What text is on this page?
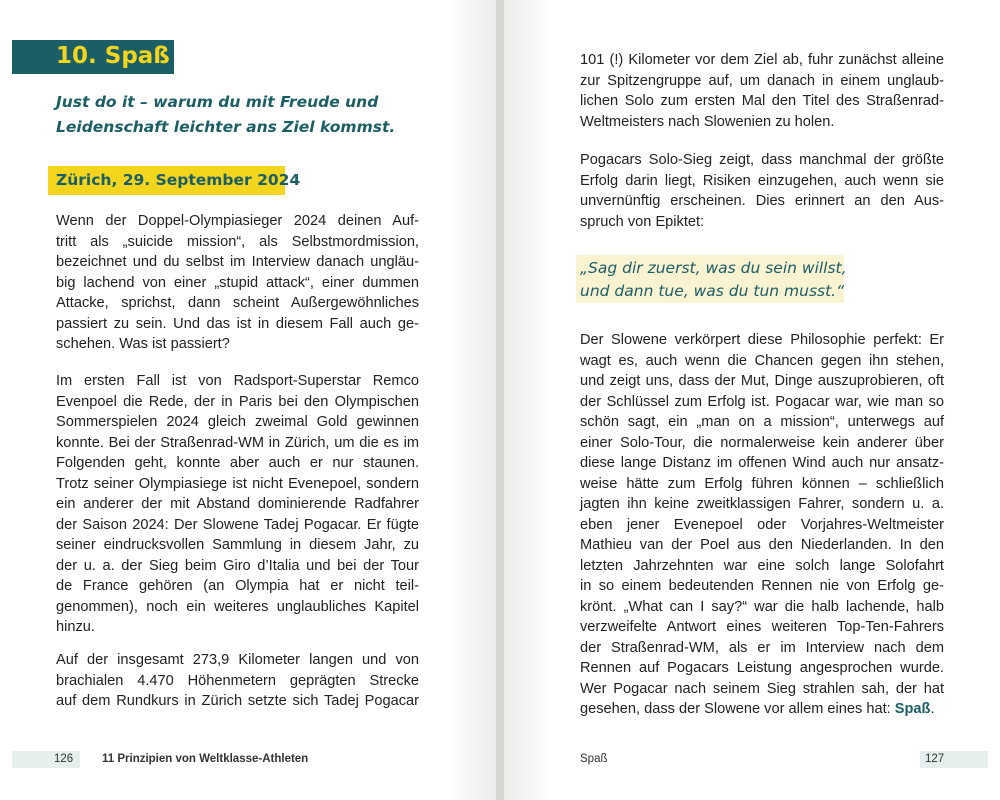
10. Spaß
Just do it – warum du mit Freude und
Leidenschaft leichter ans Ziel kommst.
Zürich, 29. September 2024
Wenn der Doppel-Olympiasieger 2024 deinen Auf-
tritt als „suicide mission“, als Selbstmordmission,
bezeichnet und du selbst im Interview danach ungläu-
big lachend von einer „stupid attack“, einer dummen
Attacke, sprichst, dann scheint Außergewöhnliches
passiert zu sein. Und das ist in diesem Fall auch ge-
schehen. Was ist passiert?
Im ersten Fall ist von Radsport-Superstar Remco
Evenpoel die Rede, der in Paris bei den Olympischen
Sommerspielen 2024 gleich zweimal Gold gewinnen
konnte. Bei der Straßenrad-WM in Zürich, um die es im
Folgenden geht, konnte aber auch er nur staunen.
Trotz seiner Olympiasiege ist nicht Evenepoel, sondern
ein anderer der mit Abstand dominierende Radfahrer
der Saison 2024: Der Slowene Tadej Pogacar. Er fügte
seiner eindrucksvollen Sammlung in diesem Jahr, zu
der u. a. der Sieg beim Giro d’Italia und bei der Tour
de France gehören (an Olympia hat er nicht teil-
genommen), noch ein weiteres unglaubliches Kapitel
hinzu.
Auf der insgesamt 273,9 Kilometer langen und von
brachialen 4.470 Höhenmetern geprägten Strecke
auf dem Rundkurs in Zürich setzte sich Tadej Pogacar
126	11 Prinzipien von Weltklasse-Athleten
101 (!) Kilometer vor dem Ziel ab, fuhr zunächst alleine
zur Spitzengruppe auf, um danach in einem unglaub-
lichen Solo zum ersten Mal den Titel des Straßenrad-
Weltmeisters nach Slowenien zu holen.
Pogacars Solo-Sieg zeigt, dass manchmal der größte
Erfolg darin liegt, Risiken einzugehen, auch wenn sie
unvernünftig erscheinen. Dies erinnert an den Aus-
spruch von Epiktet:
„Sag dir zuerst, was du sein willst,
und dann tue, was du tun musst.“
Der Slowene verkörpert diese Philosophie perfekt: Er
wagt es, auch wenn die Chancen gegen ihn stehen,
und zeigt uns, dass der Mut, Dinge auszuprobieren, oft
der Schlüssel zum Erfolg ist. Pogacar war, wie man so
schön sagt, ein „man on a mission“, unterwegs auf
einer Solo-Tour, die normalerweise kein anderer über
diese lange Distanz im offenen Wind auch nur ansatz-
weise hätte zum Erfolg führen können – schließlich
jagten ihn keine zweitklassigen Fahrer, sondern u. a.
eben jener Evenepoel oder Vorjahres-Weltmeister
Mathieu van der Poel aus den Niederlanden. In den
letzten Jahrzehnten war eine solch lange Solofahrt
in so einem bedeutenden Rennen nie von Erfolg ge-
krönt. „What can I say?“ war die halb lachende, halb
verzweifelte Antwort eines weiteren Top-Ten-Fahrers
der Straßenrad-WM, als er im Interview nach dem
Rennen auf Pogacars Leistung angesprochen wurde.
Wer Pogacar nach seinem Sieg strahlen sah, der hat
gesehen, dass der Slowene vor allem eines hat: Spaß.
Spaß	127
